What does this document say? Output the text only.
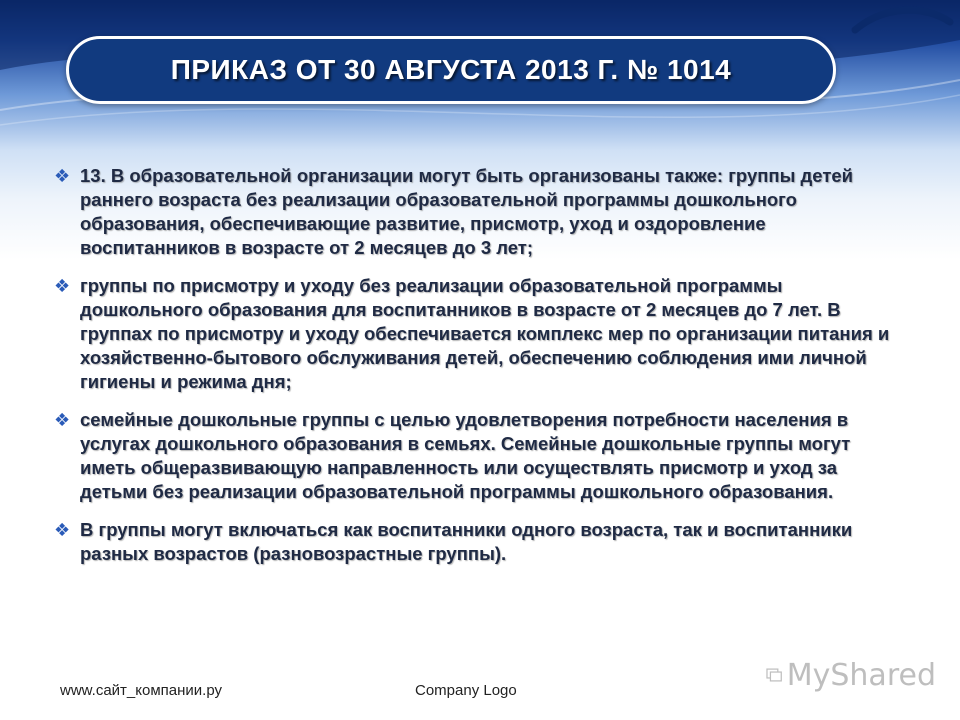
ПРИКАЗ ОТ 30 АВГУСТА 2013 Г. № 1014
❖ 13. В образовательной организации могут быть организованы также: группы детей раннего возраста без реализации образовательной программы дошкольного образования, обеспечивающие развитие, присмотр, уход и оздоровление воспитанников в возрасте от 2 месяцев до 3 лет;
❖ группы по присмотру и уходу без реализации образовательной программы дошкольного образования для воспитанников в возрасте от 2 месяцев до 7 лет. В группах по присмотру и уходу обеспечивается комплекс мер по организации питания и хозяйственно-бытового обслуживания детей, обеспечению соблюдения ими личной гигиены и режима дня;
❖ семейные дошкольные группы с целью удовлетворения потребности населения в услугах дошкольного образования в семьях. Семейные дошкольные группы могут иметь общеразвивающую направленность или осуществлять присмотр и уход за детьми без реализации образовательной программы дошкольного образования.
❖ В группы могут включаться как воспитанники одного возраста, так и воспитанники разных возрастов (разновозрастные группы).
www.сайт_компании.ру	Company Logo	MyShared
